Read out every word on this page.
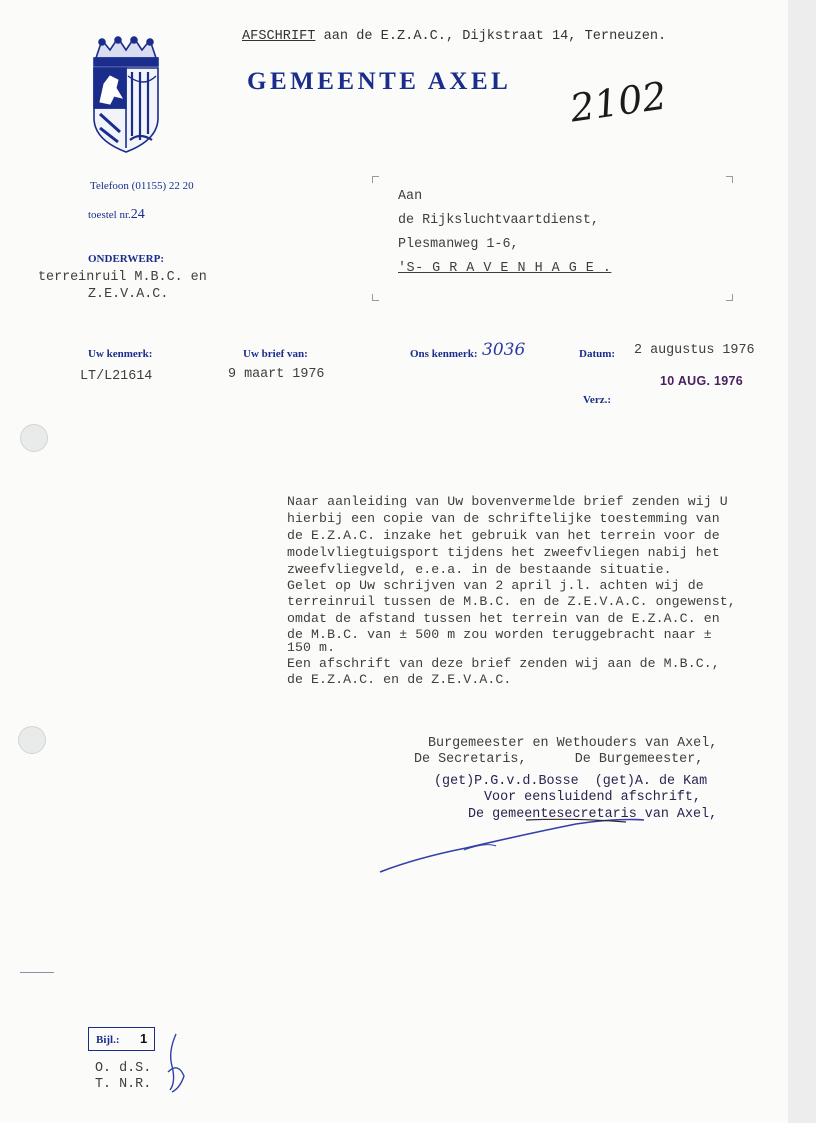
AFSCHRIFT aan de E.Z.A.C., Dijkstraat 14, Terneuzen.
GEMEENTE AXEL 2102
Telefoon (01155) 22 20
toestel nr.24
ONDERWERP:
terreinruil M.B.C. en
Z.E.V.A.C.
Aan
de Rijksluchtvaartdienst,
Plesmanweg 1-6,
'S- G R A V E N H A G E .
Uw kenmerk:
LT/L21614
Uw brief van:
9 maart 1976
Ons kenmerk: 3036	Datum: 2 augustus 1976
Verz.:
10 AUG. 1976
Naar aanleiding van Uw bovenvermelde brief zenden wij U
hierbij een copie van de schriftelijke toestemming van
de E.Z.A.C. inzake het gebruik van het terrein voor de
modelvliegtuigsport tijdens het zweefvliegen nabij het
zweefvliegveld, e.e.a. in de bestaande situatie.
Gelet op Uw schrijven van 2 april j.l. achten wij de
terreinruil tussen de M.B.C. en de Z.E.V.A.C. ongewenst,
omdat de afstand tussen het terrein van de E.Z.A.C. en
de M.B.C. van ± 500 m zou worden teruggebracht naar ±
150 m.
Een afschrift van deze brief zenden wij aan de M.B.C.,
de E.Z.A.C. en de Z.E.V.A.C.
Burgemeester en Wethouders van Axel,
De Secretaris,      De Burgemeester,
(get)P.G.v.d.Bosse  (get)A. de Kam
Voor eensluidend afschrift,
De gemeentesecretaris van Axel,
Bijl.: 1
O. d.S.
T. N.R.
